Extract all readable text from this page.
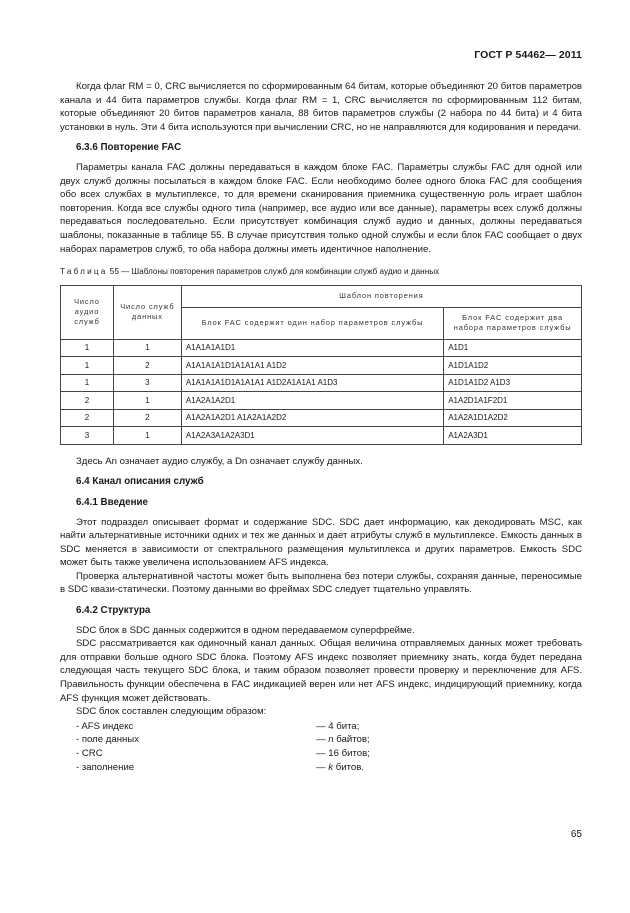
ГОСТ Р 54462— 2011

Когда флаг RM = 0, CRC вычисляется по сформированным 64 битам, которые объединяют 20 битов параметров канала и 44 бита параметров службы. Когда флаг RM = 1, CRC вычисляется по сформированным 112 битам, которые объединяют 20 битов параметров канала, 88 битов параметров службы (2 набора по 44 бита) и 4 бита установки в нуль. Эти 4 бита используются при вычислении CRC, но не направляются для кодирования и передачи.

6.3.6 Повторение FAC

Параметры канала FAC должны передаваться в каждом блоке FAC. Параметры службы FAC для одной или двух служб должны посылаться в каждом блоке FAC. Если необходимо более одного блока FAC для сообщения обо всех службах в мультиплексе, то для времени сканирования приемника существенную роль играет шаблон повторения. Когда все службы одного типа (например, все аудио или все данные), параметры всех служб должны передаваться последовательно. Если присутствует комбинация служб аудио и данных, должны передаваться шаблоны, показанные в таблице 55. В случае присутствия только одной службы и если блок FAC сообщает о двух наборах параметров служб, то оба набора должны иметь идентичное наполнение.

Таблица 55 — Шаблоны повторения параметров служб для комбинации служб аудио и данных
Число аудио служб	Число служб данных	Шаблон повторения	
		Блок FAC содержит один набор параметров службы	Блок FAC содержит два набора параметров службы
1	1	A1A1A1A1D1	A1D1
1	2	A1A1A1A1D1A1A1A1 A1D2	A1D1A1D2
1	3	A1A1A1A1D1A1A1A1 A1D2A1A1A1 A1D3	A1D1A1D2 A1D3
2	1	A1A2A1A2D1	A1A2D1A1F2D1
2	2	A1A2A1A2D1 A1A2A1A2D2	A1A2A1D1A2D2
3	1	A1A2A3A1A2A3D1	A1A2A3D1

Здесь An означает аудио службу, а Dn означает службу данных.

6.4 Канал описания служб
6.4.1 Введение

Этот подраздел описывает формат и содержание SDC. SDC дает информацию, как декодировать MSC, как найти альтернативные источники одних и тех же данных и дает атрибуты служб в мультиплексе. Емкость данных в SDC меняется в зависимости от спектрального размещения мультиплекса и других параметров. Емкость SDC может быть также увеличена использованием AFS индекса.

Проверка альтернативной частоты может быть выполнена без потери службы, сохраняя данные, переносимые в SDC квази-статически. Поэтому данными во фреймах SDC следует тщательно управлять.

6.4.2 Структура

SDC блок в SDC данных содержится в одном передаваемом суперфрейме.

SDC рассматривается как одиночный канал данных. Общая величина отправляемых данных может требовать для отправки больше одного SDC блока. Поэтому AFS индекс позволяет приемнику знать, когда будет передана следующая часть текущего SDC блока, и таким образом позволяет провести проверку и переключение для AFS. Правильность функции обеспечена в FAC индикацией верен или нет AFS индекс, индицирующий приемнику, когда AFS функция может действовать.

SDC блок составлен следующим образом:

- AFS индекс	— 4 бита;
- поле данных	— n байтов;
- CRC	— 16 битов;
- заполнение	— k битов.
65
